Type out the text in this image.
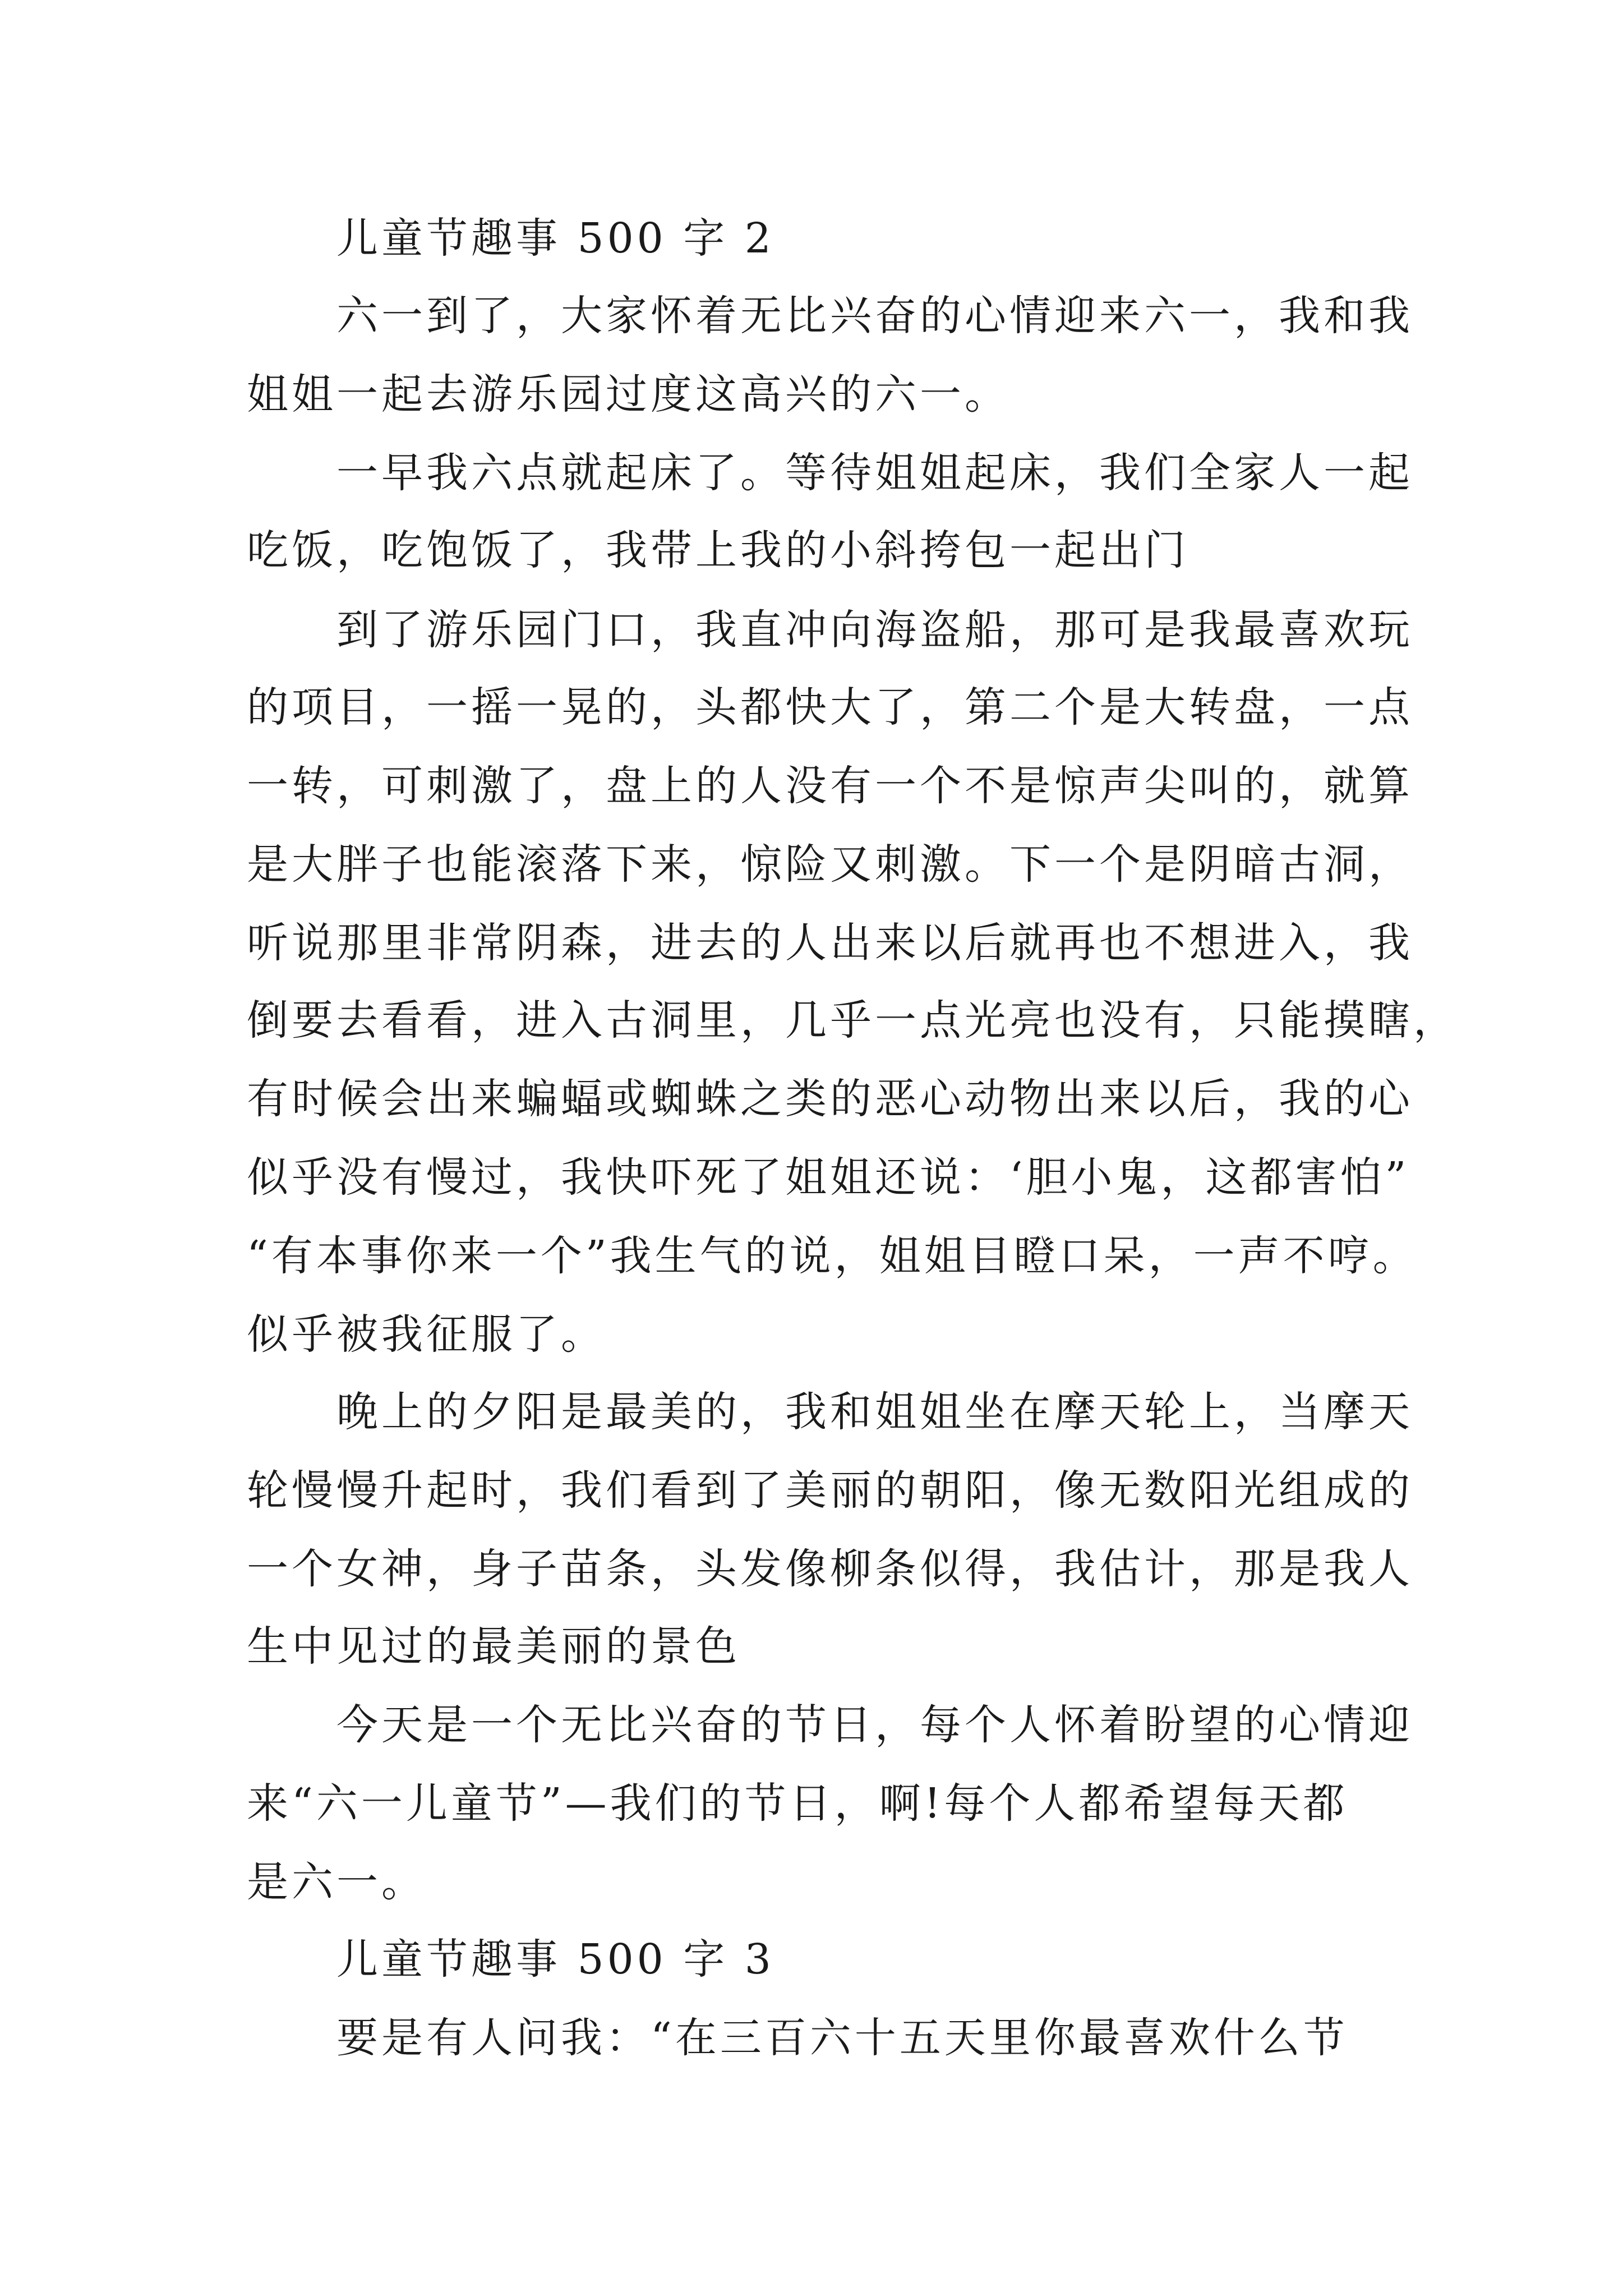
儿童节趣事 500 字 2
六一到了，大家怀着无比兴奋的心情迎来六一，我和我
姐姐一起去游乐园过度这高兴的六一。
一早我六点就起床了。等待姐姐起床，我们全家人一起
吃饭，吃饱饭了，我带上我的小斜挎包一起出门
到了游乐园门口，我直冲向海盗船，那可是我最喜欢玩
的项目，一摇一晃的，头都快大了，第二个是大转盘，一点
一转，可刺激了，盘上的人没有一个不是惊声尖叫的，就算
是大胖子也能滚落下来，惊险又刺激。下一个是阴暗古洞，
听说那里非常阴森，进去的人出来以后就再也不想进入，我
倒要去看看，进入古洞里，几乎一点光亮也没有，只能摸瞎，
有时候会出来蝙蝠或蜘蛛之类的恶心动物出来以后，我的心
似乎没有慢过，我快吓死了姐姐还说：‘胆小鬼，这都害怕”
“有本事你来一个”我生气的说，姐姐目瞪口呆，一声不哼。
似乎被我征服了。
晚上的夕阳是最美的，我和姐姐坐在摩天轮上，当摩天
轮慢慢升起时，我们看到了美丽的朝阳，像无数阳光组成的
一个女神，身子苗条，头发像柳条似得，我估计，那是我人
生中见过的最美丽的景色
今天是一个无比兴奋的节日，每个人怀着盼望的心情迎
来“六一儿童节”—我们的节日，啊!每个人都希望每天都
是六一。
儿童节趣事 500 字 3
要是有人问我：“在三百六十五天里你最喜欢什么节
